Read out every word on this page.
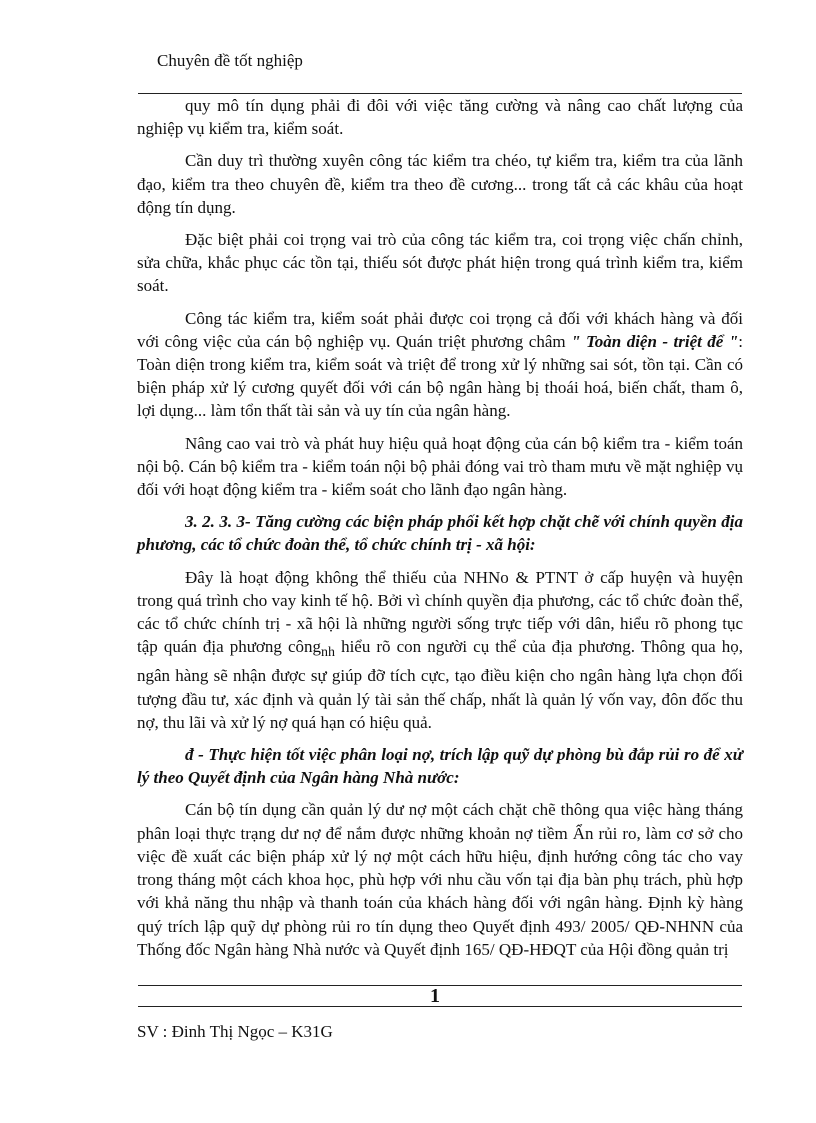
Chuyên đề tốt nghiệp

quy mô tín dụng phải đi đôi với việc tăng cường và nâng cao chất lượng của nghiệp vụ kiểm tra, kiểm soát.

Cần duy trì thường xuyên công tác kiểm tra chéo, tự kiểm tra, kiểm tra của lãnh đạo, kiểm tra theo chuyên đề, kiểm tra theo đề cương... trong tất cả các khâu của hoạt động tín dụng.

Đặc biệt phải coi trọng vai trò của công tác kiểm tra, coi trọng việc chấn chỉnh, sửa chữa, khắc phục các tồn tại, thiếu sót được phát hiện trong quá trình kiểm tra, kiểm soát.

Công tác kiểm tra, kiểm soát phải được coi trọng cả đối với khách hàng và đối với công việc của cán bộ nghiệp vụ. Quán triệt phương châm " Toàn diện - triệt để ": Toàn diện trong kiểm tra, kiểm soát và triệt để trong xử lý những sai sót, tồn tại. Cần có biện pháp xử lý cương quyết đối với cán bộ ngân hàng bị thoái hoá, biến chất, tham ô, lợi dụng... làm tổn thất tài sản và uy tín của ngân hàng.

Nâng cao vai trò và phát huy hiệu quả hoạt động của cán bộ kiểm tra - kiểm toán nội bộ. Cán bộ kiểm tra - kiểm toán nội bộ phải đóng vai trò tham mưu về mặt nghiệp vụ đối với hoạt động kiểm tra - kiểm soát cho lãnh đạo ngân hàng.

3. 2. 3. 3- Tăng cường các biện pháp phối kết hợp chặt chẽ với chính quyền địa phương, các tổ chức đoàn thể, tổ chức chính trị - xã hội:

Đây là hoạt động không thể thiếu của NHNo & PTNT ở cấp huyện và huyện trong quá trình cho vay kinh tế hộ. Bởi vì chính quyền địa phương, các tổ chức đoàn thể, các tổ chức chính trị - xã hội là những người sống trực tiếp với dân, hiểu rõ phong tục tập quán địa phương công$_{nh}$ hiểu rõ con người cụ thể của địa phương. Thông qua họ, ngân hàng sẽ nhận được sự giúp đỡ tích cực, tạo điều kiện cho ngân hàng lựa chọn đối tượng đầu tư, xác định và quản lý tài sản thế chấp, nhất là quản lý vốn vay, đôn đốc thu nợ, thu lãi và xử lý nợ quá hạn có hiệu quả.

đ - Thực hiện tốt việc phân loại nợ, trích lập quỹ dự phòng bù đắp rủi ro để xử lý theo Quyết định của Ngân hàng Nhà nước:

Cán bộ tín dụng cần quản lý dư nợ một cách chặt chẽ thông qua việc hàng tháng phân loại thực trạng dư nợ để nắm được những khoản nợ tiềm Ẩn rủi ro, làm cơ sở cho việc đề xuất các biện pháp xử lý nợ một cách hữu hiệu, định hướng công tác cho vay trong tháng một cách khoa học, phù hợp với nhu cầu vốn tại địa bàn phụ trách, phù hợp với khả năng thu nhập và thanh toán của khách hàng đối với ngân hàng. Định kỳ hàng quý trích lập quỹ dự phòng rủi ro tín dụng theo Quyết định 493/ 2005/ QĐ-NHNN của Thống đốc Ngân hàng Nhà nước và Quyết định 165/ QĐ-HĐQT của Hội đồng quản trị

1

SV : Đinh Thị Ngọc – K31G
